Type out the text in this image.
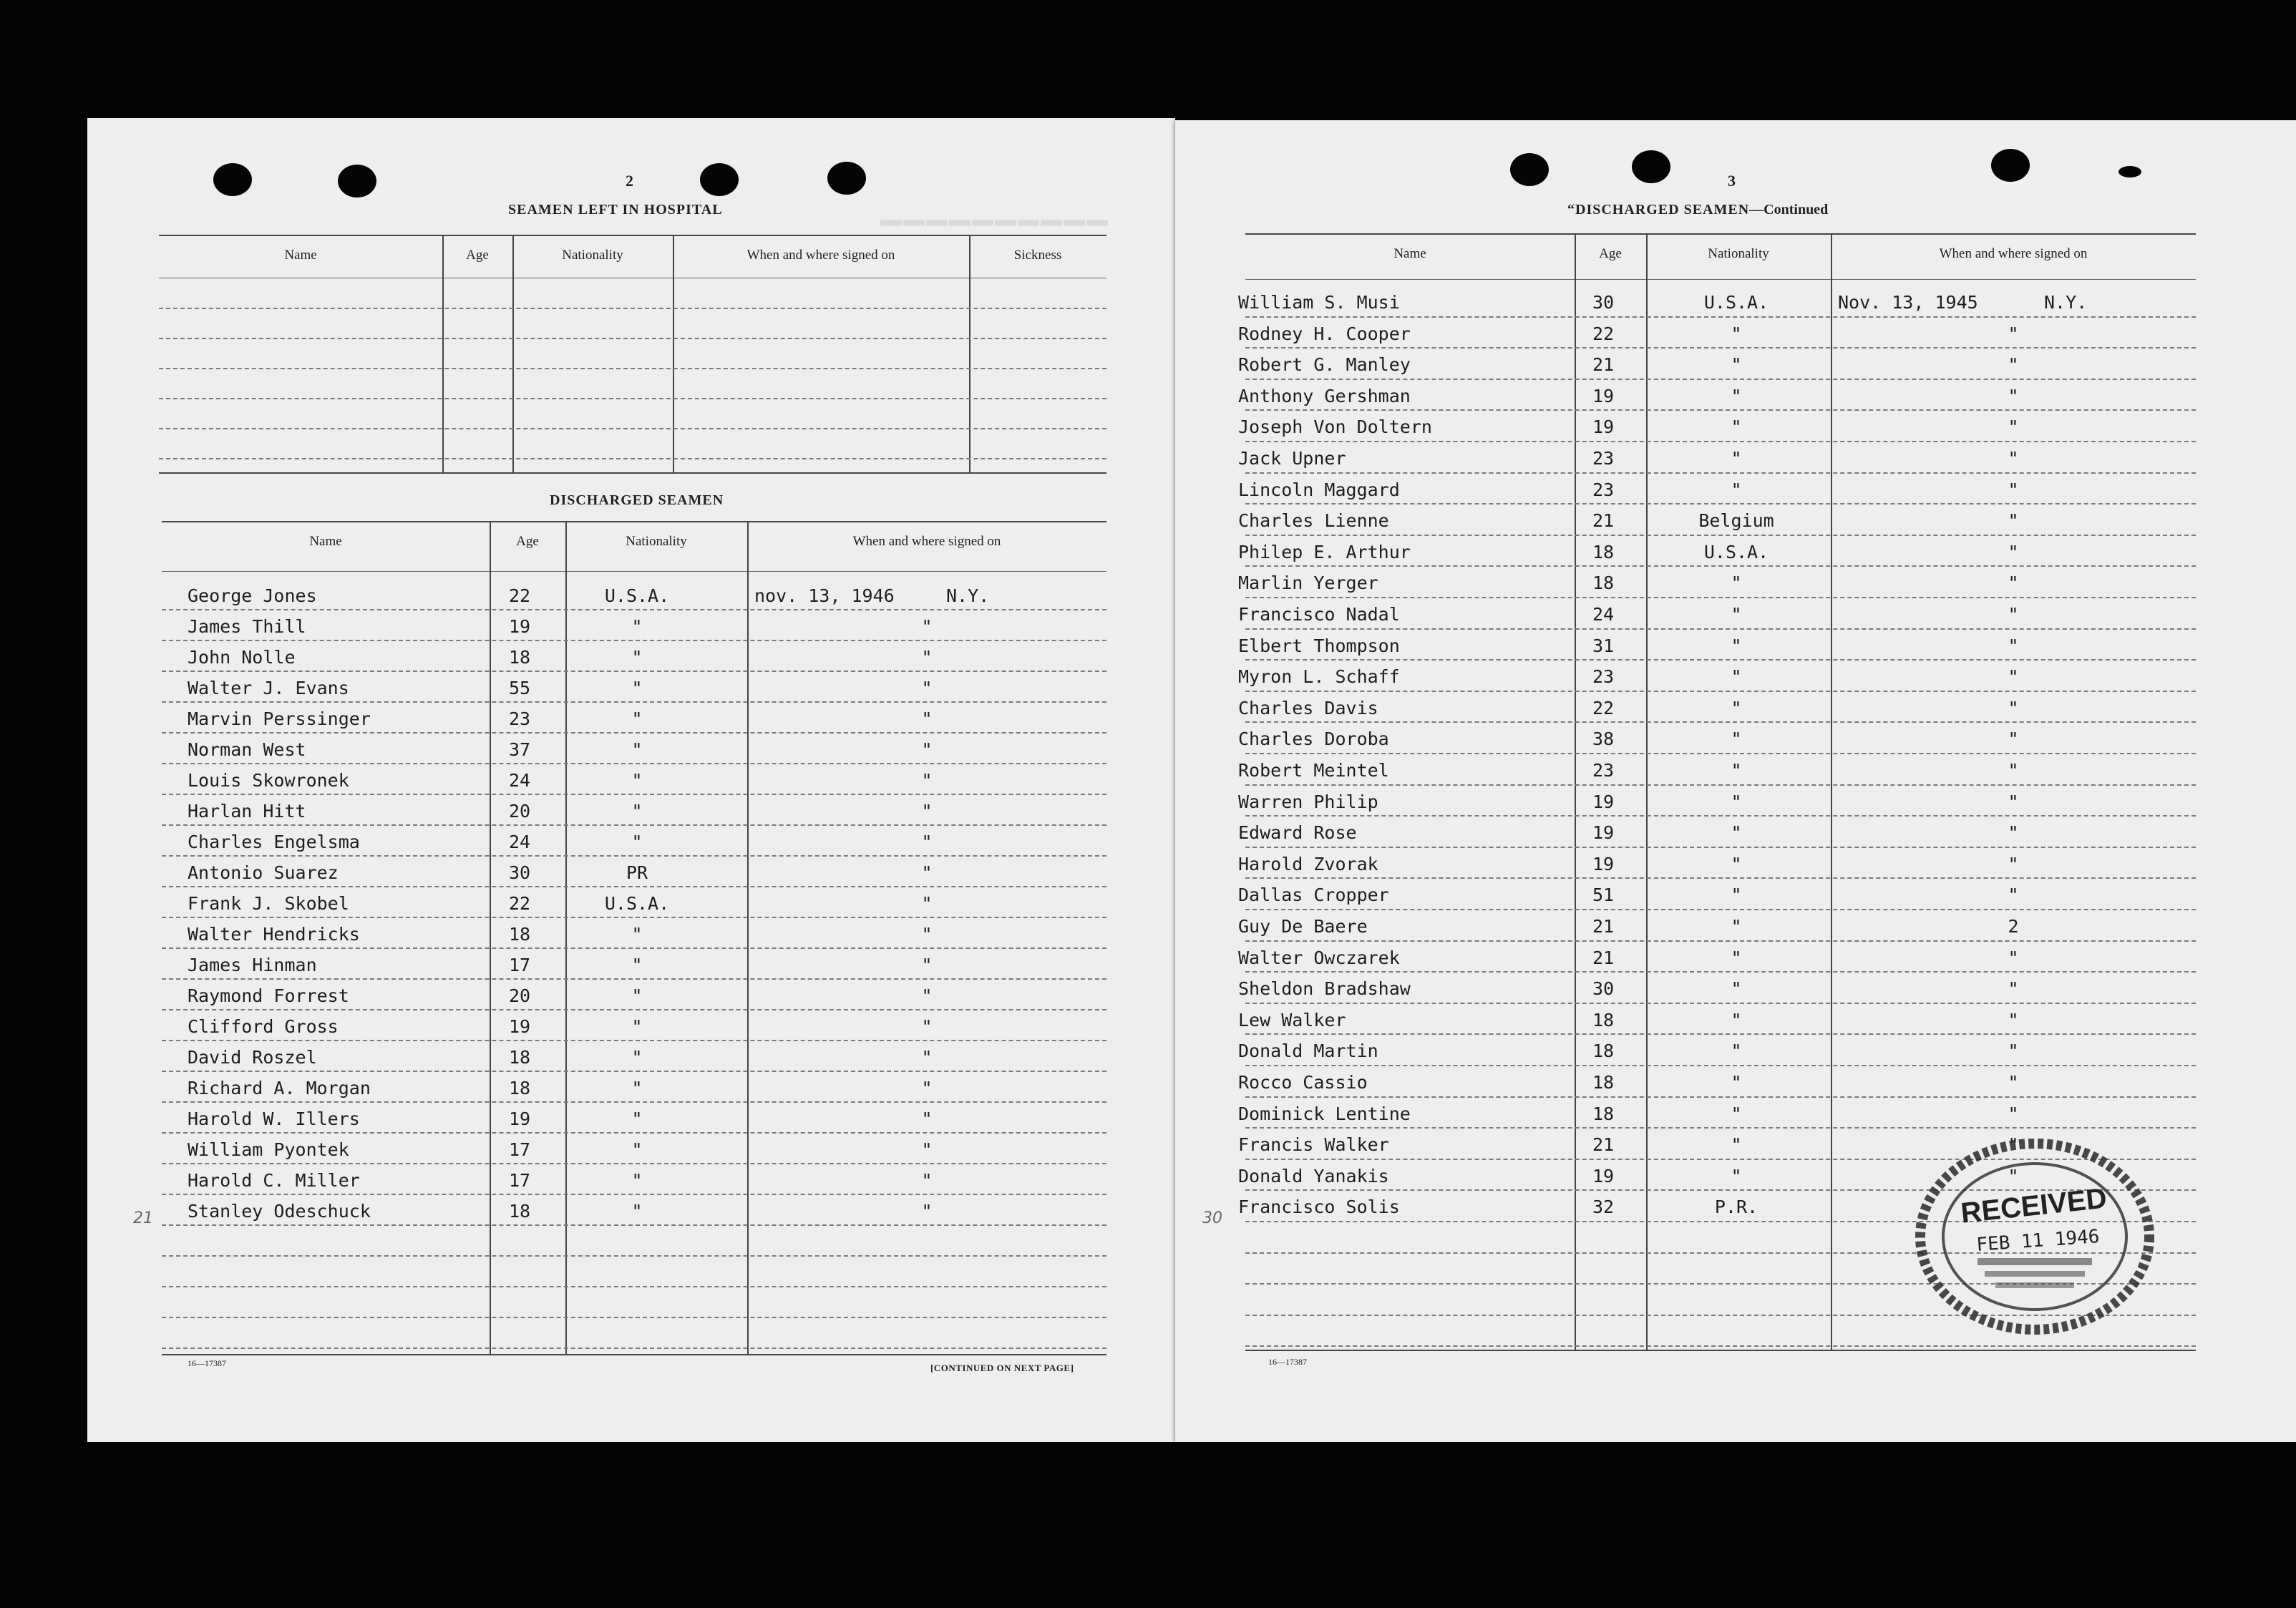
▬▬▬▬▬▬▬▬▬▬
2
SEAMEN LEFT IN HOSPITAL
Name	Age	Nationality	When and where signed on	Sickness
DISCHARGED SEAMEN
Name	Age	Nationality	When and where signed on
George Jones	22	U.S.A.	nov. 13, 1946	N.Y.
James Thill	19	"	"
John Nolle	18	"	"
Walter J. Evans	55	"	"
Marvin Perssinger	23	"	"
Norman West	37	"	"
Louis Skowronek	24	"	"
Harlan Hitt	20	"	"
Charles Engelsma	24	"	"
Antonio Suarez	30	PR	"
Frank J. Skobel	22	U.S.A.	"
Walter Hendricks	18	"	"
James Hinman	17	"	"
Raymond Forrest	20	"	"
Clifford Gross	19	"	"
David Roszel	18	"	"
Richard A. Morgan	18	"	"
Harold W. Illers	19	"	"
William Pyontek	17	"	"
Harold C. Miller	17	"	"
Stanley Odeschuck	18	"	"
21
16—17387	[CONTINUED ON NEXT PAGE]
3
“DISCHARGED SEAMEN—Continued
Name	Age	Nationality	When and where signed on
William S. Musi	30	U.S.A.	Nov. 13, 1945	N.Y.
Rodney H. Cooper	22	"	"
Robert G. Manley	21	"	"
Anthony Gershman	19	"	"
Joseph Von Doltern	19	"	"
Jack Upner	23	"	"
Lincoln Maggard	23	"	"
Charles Lienne	21	Belgium	"
Philep E. Arthur	18	U.S.A.	"
Marlin Yerger	18	"	"
Francisco Nadal	24	"	"
Elbert Thompson	31	"	"
Myron L. Schaff	23	"	"
Charles Davis	22	"	"
Charles Doroba	38	"	"
Robert Meintel	23	"	"
Warren Philip	19	"	"
Edward Rose	19	"	"
Harold Zvorak	19	"	"
Dallas Cropper	51	"	"
Guy De Baere	21	"	2
Walter Owczarek	21	"	"
Sheldon Bradshaw	30	"	"
Lew Walker	18	"	"
Donald Martin	18	"	"
Rocco Cassio	18	"	"
Dominick Lentine	18	"	"
Francis Walker	21	"	"
Donald Yanakis	19	"	"
Francisco Solis	32	P.R.
30
16—17387
RECEIVED
FEB 11 1946
